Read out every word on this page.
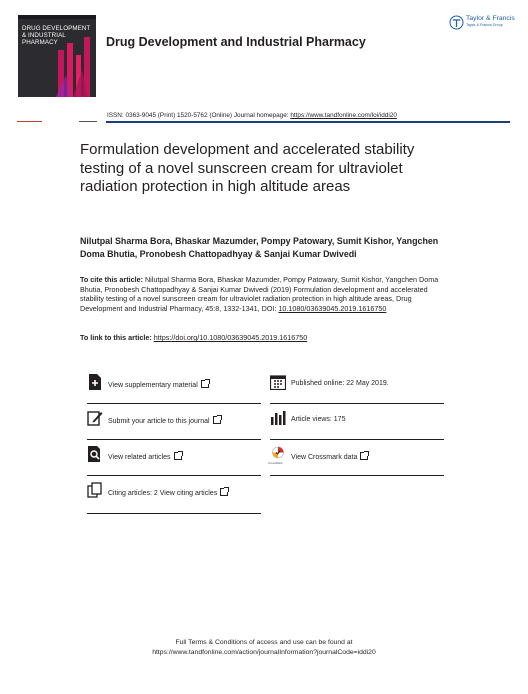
DRUG DEVELOPMENT
& INDUSTRIAL
PHARMACY	Drug Development and Industrial Pharmacy
Taylor & Francis
Taylor & Francis Group
ISSN: 0363-9045 (Print) 1520-5762 (Online) Journal homepage: https://www.tandfonline.com/loi/iddi20
Formulation development and accelerated stability testing of a novel sunscreen cream for ultraviolet radiation protection in high altitude areas
Nilutpal Sharma Bora, Bhaskar Mazumder, Pompy Patowary, Sumit Kishor, Yangchen Doma Bhutia, Pronobesh Chattopadhyay & Sanjai Kumar Dwivedi
To cite this article: Nilutpal Sharma Bora, Bhaskar Mazumder, Pompy Patowary, Sumit Kishor, Yangchen Doma Bhutia, Pronobesh Chattopadhyay & Sanjai Kumar Dwivedi (2019) Formulation development and accelerated stability testing of a novel sunscreen cream for ultraviolet radiation protection in high altitude areas, Drug Development and Industrial Pharmacy, 45:8, 1332-1341, DOI: 10.1080/03639045.2019.1616750
To link to this article: https://doi.org/10.1080/03639045.2019.1616750
View supplementary material
Submit your article to this journal
View related articles
Citing articles: 2 View citing articles
Published online: 22 May 2019.
Article views: 175
CrossMark
View Crossmark data
Full Terms & Conditions of access and use can be found at
https://www.tandfonline.com/action/journalInformation?journalCode=iddi20
